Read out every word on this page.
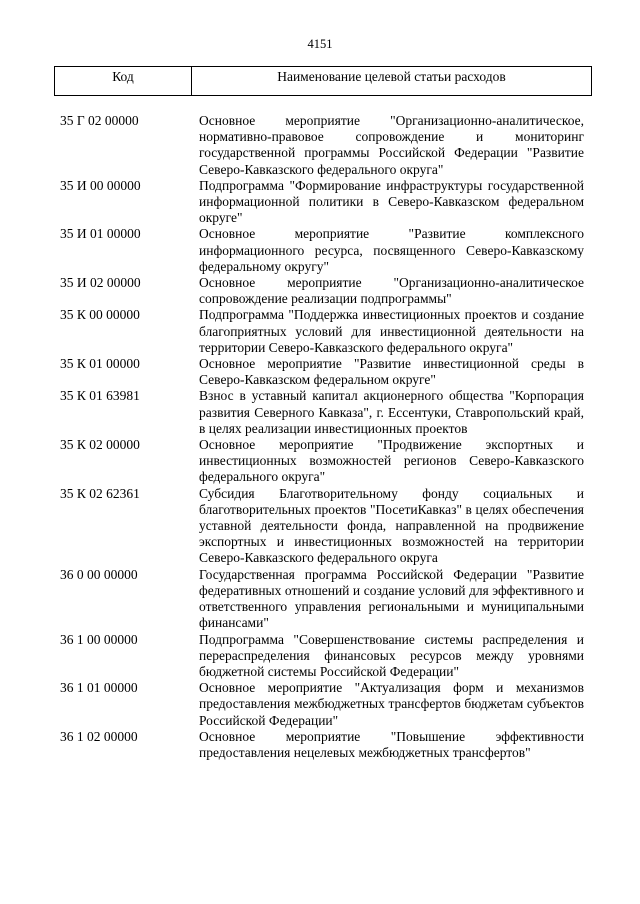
4151
Код	Наименование целевой статьи расходов
35 Г 02 00000	Основное мероприятие "Организационно-аналитическое, нормативно-правовое сопровождение и мониторинг государственной программы Российской Федерации "Развитие Северо-Кавказского федерального округа"
35 И 00 00000	Подпрограмма "Формирование инфраструктуры государственной информационной политики в Северо-Кавказском федеральном округе"
35 И 01 00000	Основное мероприятие "Развитие комплексного информационного ресурса, посвященного Северо-Кавказскому федеральному округу"
35 И 02 00000	Основное мероприятие "Организационно-аналитическое сопровождение реализации подпрограммы"
35 К 00 00000	Подпрограмма "Поддержка инвестиционных проектов и создание благоприятных условий для инвестиционной деятельности на территории Северо-Кавказского федерального округа"
35 К 01 00000	Основное мероприятие "Развитие инвестиционной среды в Северо-Кавказском федеральном округе"
35 К 01 63981	Взнос в уставный капитал акционерного общества "Корпорация развития Северного Кавказа", г. Ессентуки, Ставропольский край, в целях реализации инвестиционных проектов
35 К 02 00000	Основное мероприятие "Продвижение экспортных и инвестиционных возможностей регионов Северо-Кавказского федерального округа"
35 К 02 62361	Субсидия Благотворительному фонду социальных и благотворительных проектов "ПосетиКавказ" в целях обеспечения уставной деятельности фонда, направленной на продвижение экспортных и инвестиционных возможностей на территории Северо-Кавказского федерального округа
36 0 00 00000	Государственная программа Российской Федерации "Развитие федеративных отношений и создание условий для эффективного и ответственного управления региональными и муниципальными финансами"
36 1 00 00000	Подпрограмма "Совершенствование системы распределения и перераспределения финансовых ресурсов между уровнями бюджетной системы Российской Федерации"
36 1 01 00000	Основное мероприятие "Актуализация форм и механизмов предоставления межбюджетных трансфертов бюджетам субъектов Российской Федерации"
36 1 02 00000	Основное мероприятие "Повышение эффективности предоставления нецелевых межбюджетных трансфертов"
